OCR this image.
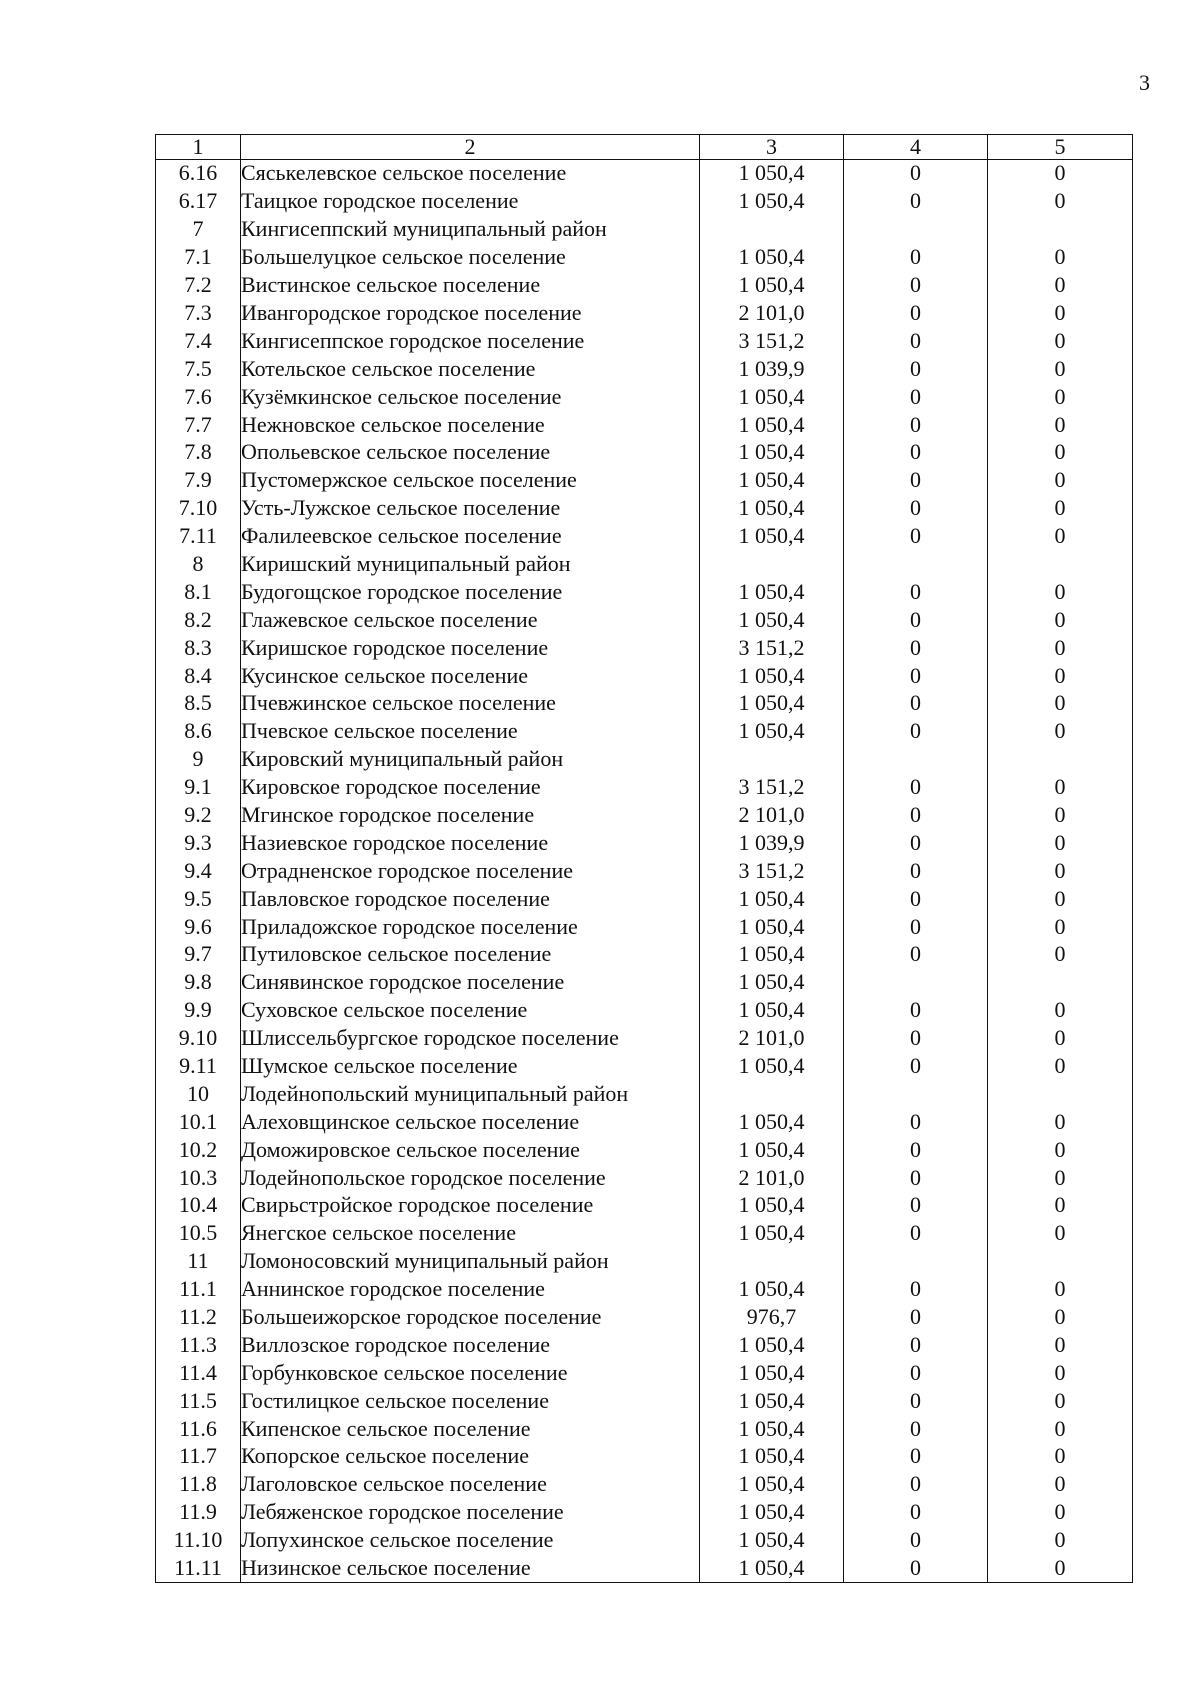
3
1	2	3	4	5
6.16	Сяськелевское сельское поселение	1 050,4	0	0
6.17	Таицкое городское поселение	1 050,4	0	0
7	Кингисеппский муниципальный район			
7.1	Большелуцкое сельское поселение	1 050,4	0	0
7.2	Вистинское сельское поселение	1 050,4	0	0
7.3	Ивангородское городское поселение	2 101,0	0	0
7.4	Кингисеппское городское поселение	3 151,2	0	0
7.5	Котельское сельское поселение	1 039,9	0	0
7.6	Кузёмкинское сельское поселение	1 050,4	0	0
7.7	Нежновское сельское поселение	1 050,4	0	0
7.8	Опольевское сельское поселение	1 050,4	0	0
7.9	Пустомержское сельское поселение	1 050,4	0	0
7.10	Усть-Лужское сельское поселение	1 050,4	0	0
7.11	Фалилеевское сельское поселение	1 050,4	0	0
8	Киришский муниципальный район			
8.1	Будогощское городское поселение	1 050,4	0	0
8.2	Глажевское сельское поселение	1 050,4	0	0
8.3	Киришское городское поселение	3 151,2	0	0
8.4	Кусинское сельское поселение	1 050,4	0	0
8.5	Пчевжинское сельское поселение	1 050,4	0	0
8.6	Пчевское сельское поселение	1 050,4	0	0
9	Кировский муниципальный район			
9.1	Кировское городское поселение	3 151,2	0	0
9.2	Мгинское городское поселение	2 101,0	0	0
9.3	Назиевское городское поселение	1 039,9	0	0
9.4	Отрадненское городское поселение	3 151,2	0	0
9.5	Павловское городское поселение	1 050,4	0	0
9.6	Приладожское городское поселение	1 050,4	0	0
9.7	Путиловское сельское поселение	1 050,4	0	0
9.8	Синявинское городское поселение	1 050,4		
9.9	Суховское сельское поселение	1 050,4	0	0
9.10	Шлиссельбургское городское поселение	2 101,0	0	0
9.11	Шумское сельское поселение	1 050,4	0	0
10	Лодейнопольский муниципальный район			
10.1	Алеховщинское сельское поселение	1 050,4	0	0
10.2	Доможировское сельское поселение	1 050,4	0	0
10.3	Лодейнопольское городское поселение	2 101,0	0	0
10.4	Свирьстройское городское поселение	1 050,4	0	0
10.5	Янегское сельское поселение	1 050,4	0	0
11	Ломоносовский муниципальный район			
11.1	Аннинское городское поселение	1 050,4	0	0
11.2	Большеижорское городское поселение	976,7	0	0
11.3	Виллозское городское поселение	1 050,4	0	0
11.4	Горбунковское сельское поселение	1 050,4	0	0
11.5	Гостилицкое сельское поселение	1 050,4	0	0
11.6	Кипенское сельское поселение	1 050,4	0	0
11.7	Копорское сельское поселение	1 050,4	0	0
11.8	Лаголовское сельское поселение	1 050,4	0	0
11.9	Лебяженское городское поселение	1 050,4	0	0
11.10	Лопухинское сельское поселение	1 050,4	0	0
11.11	Низинское сельское поселение	1 050,4	0	0
